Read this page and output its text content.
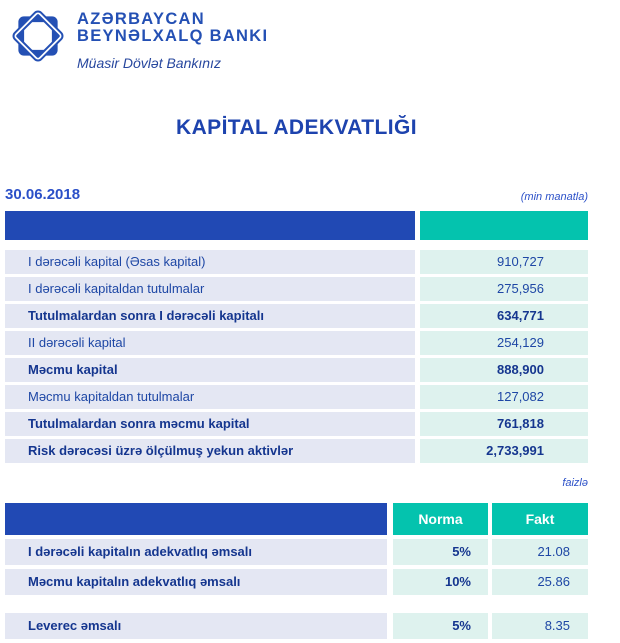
AZƏRBAYCAN
BEYNƏLXALQ BANKI
Müasir Dövlət Bankınız
KAPİTAL ADEKVATLIĞI
30.06.2018	(min manatla)
I dərəcəli kapital (Əsas kapital)	910,727
I dərəcəli kapitaldan tutulmalar	275,956
Tutulmalardan sonra I dərəcəli kapitalı	634,771
II dərəcəli kapital	254,129
Məcmu kapital	888,900
Məcmu kapitaldan tutulmalar	127,082
Tutulmalardan sonra məcmu kapital	761,818
Risk dərəcəsi üzrə ölçülmuş yekun aktivlər	2,733,991
faizlə
Norma	Fakt
I dərəcəli kapitalın adekvatlıq əmsalı	5%	21.08
Məcmu kapitalın adekvatlıq əmsalı	10%	25.86
Leverec əmsalı	5%	8.35
